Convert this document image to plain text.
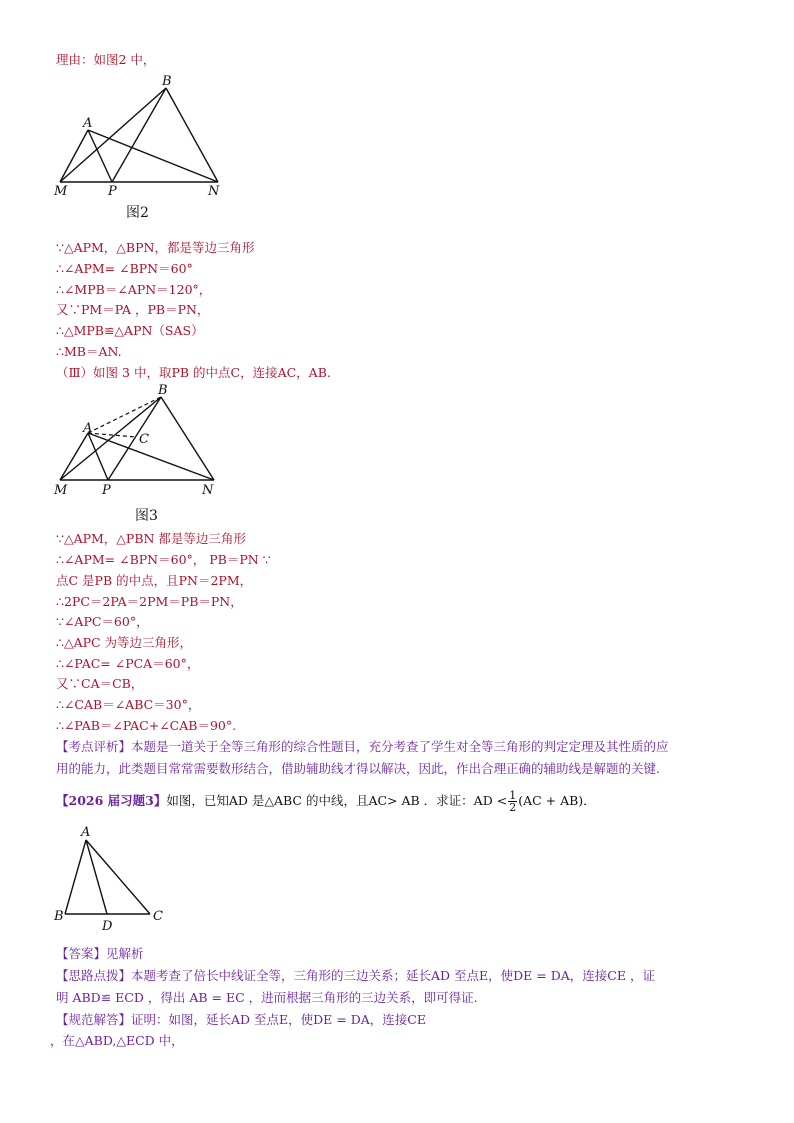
理由：如图2 中，
B
A
M	P	N
图2
∵△APM，△BPN，都是等边三角形
∴∠APM= ∠BPN＝60°
∴∠MPB＝∠APN＝120°，
又∵PM＝PA ，PB＝PN，
∴△MPB≌△APN（SAS）
∴MB＝AN.
（Ⅲ）如图 3 中，取PB 的中点C，连接AC，AB.
B
A
C
M	P	N
图3
∵△APM，△PBN 都是等边三角形
∴∠APM= ∠BPN＝60°， PB＝PN ∵
点C 是PB 的中点，且PN＝2PM，
∴2PC＝2PA＝2PM＝PB＝PN，
∵∠APC＝60°，
∴△APC 为等边三角形，
∴∠PAC= ∠PCA＝60°，
又∵CA＝CB，
∴∠CAB＝∠ABC＝30°，
∴∠PAB＝∠PAC+∠CAB＝90°.
【考点评析】本题是一道关于全等三角形的综合性题目，充分考查了学生对全等三角形的判定定理及其性质的应
用的能力，此类题目常常需要数形结合，借助辅助线才得以解决，因此，作出合理正确的辅助线是解题的关键.
【2026 届习题3】如图，已知AD 是△ABC 的中线，且AC> AB ．求证：AD < $\frac{1}{2} (AC + AB)$．
A
B
D
C
【答案】见解析
【思路点拨】本题考查了倍长中线证全等，三角形的三边关系；延长AD 至点E，使DE = DA，连接CE ，证
明 ABD≌ ECD ，得出 AB = EC ，进而根据三角形的三边关系，即可得证.
【规范解答】证明：如图，延长AD 至点E，使DE = DA，连接CE
，在△ABD,△ECD 中，
